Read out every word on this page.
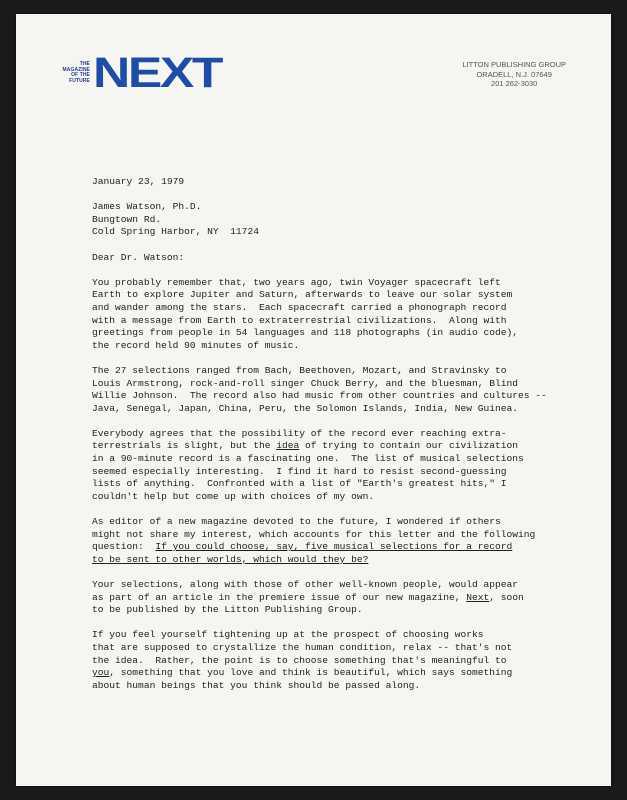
THE
MAGAZINE
OF THE
FUTURE NEXT	LITTON PUBLISHING GROUP
ORADELL, N.J. 07649
201 262-3030

January 23, 1979

James Watson, Ph.D.
Bungtown Rd.
Cold Spring Harbor, NY  11724

Dear Dr. Watson:

You probably remember that, two years ago, twin Voyager spacecraft left
Earth to explore Jupiter and Saturn, afterwards to leave our solar system
and wander among the stars.  Each spacecraft carried a phonograph record
with a message from Earth to extraterrestrial civilizations.  Along with
greetings from people in 54 languages and 118 photographs (in audio code),
the record held 90 minutes of music.

The 27 selections ranged from Bach, Beethoven, Mozart, and Stravinsky to
Louis Armstrong, rock-and-roll singer Chuck Berry, and the bluesman, Blind
Willie Johnson.  The record also had music from other countries and cultures --
Java, Senegal, Japan, China, Peru, the Solomon Islands, India, New Guinea.

Everybody agrees that the possibility of the record ever reaching extra-
terrestrials is slight, but the idea of trying to contain our civilization
in a 90-minute record is a fascinating one.  The list of musical selections
seemed especially interesting.  I find it hard to resist second-guessing
lists of anything.  Confronted with a list of "Earth's greatest hits," I
couldn't help but come up with choices of my own.

As editor of a new magazine devoted to the future, I wondered if others
might not share my interest, which accounts for this letter and the following
question:  If you could choose, say, five musical selections for a record
to be sent to other worlds, which would they be?

Your selections, along with those of other well-known people, would appear
as part of an article in the premiere issue of our new magazine, Next, soon
to be published by the Litton Publishing Group.

If you feel yourself tightening up at the prospect of choosing works
that are supposed to crystallize the human condition, relax -- that's not
the idea.  Rather, the point is to choose something that's meaningful to
you, something that you love and think is beautiful, which says something
about human beings that you think should be passed along.
